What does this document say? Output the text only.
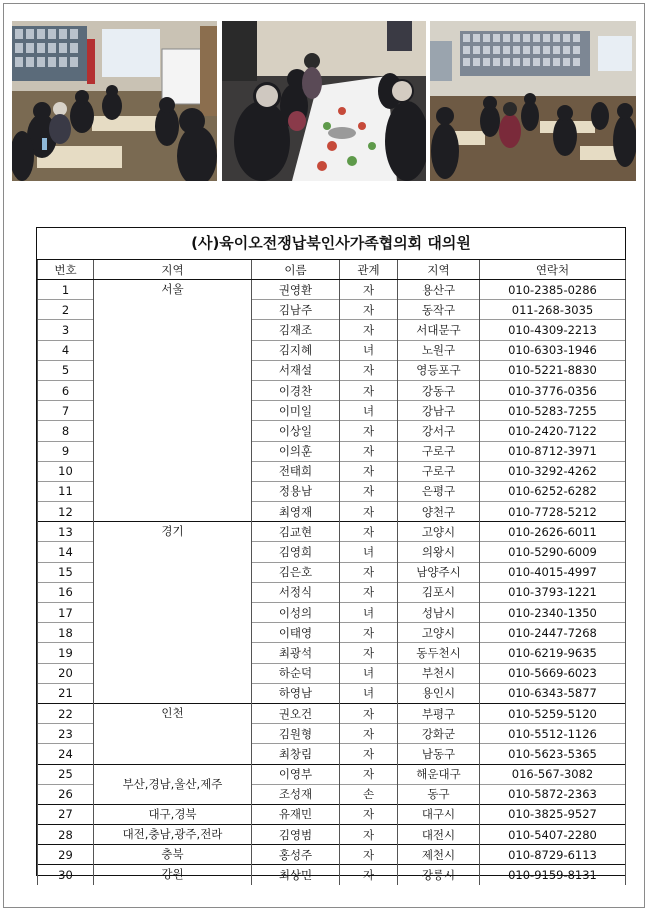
(사)육이오전쟁납북인사가족협의회 대의원
번호	지역	이름	관계	지역	연락처
1	서울	권영환	자	용산구	010-2385-0286
2		김남주	자	동작구	011-268-3035
3		김재조	자	서대문구	010-4309-2213
4		김지혜	녀	노원구	010-6303-1946
5		서재설	자	영등포구	010-5221-8830
6		이경찬	자	강동구	010-3776-0356
7		이미일	녀	강남구	010-5283-7255
8		이상일	자	강서구	010-2420-7122
9		이의훈	자	구로구	010-8712-3971
10		전태희	자	구로구	010-3292-4262
11		정용남	자	은평구	010-6252-6282
12		최영재	자	양천구	010-7728-5212
13	경기	김교현	자	고양시	010-2626-6011
14		김영희	녀	의왕시	010-5290-6009
15		김은호	자	남양주시	010-4015-4997
16		서정식	자	김포시	010-3793-1221
17		이성의	녀	성남시	010-2340-1350
18		이태영	자	고양시	010-2447-7268
19		최광석	자	동두천시	010-6219-9635
20		하순덕	녀	부천시	010-5669-6023
21		하영남	녀	용인시	010-6343-5877
22	인천	권오건	자	부평구	010-5259-5120
23		김원형	자	강화군	010-5512-1126
24		최창림	자	남동구	010-5623-5365
25	부산,경남,울산,제주	이영부	자	해운대구	016-567-3082
26		조성재	손	동구	010-5872-2363
27	대구,경북	유재민	자	대구시	010-3825-9527
28	대전,충남,광주,전라	김영범	자	대전시	010-5407-2280
29	충북	홍성주	자	제천시	010-8729-6113
30	강원	최상민	자	강릉시	010-9159-8131
